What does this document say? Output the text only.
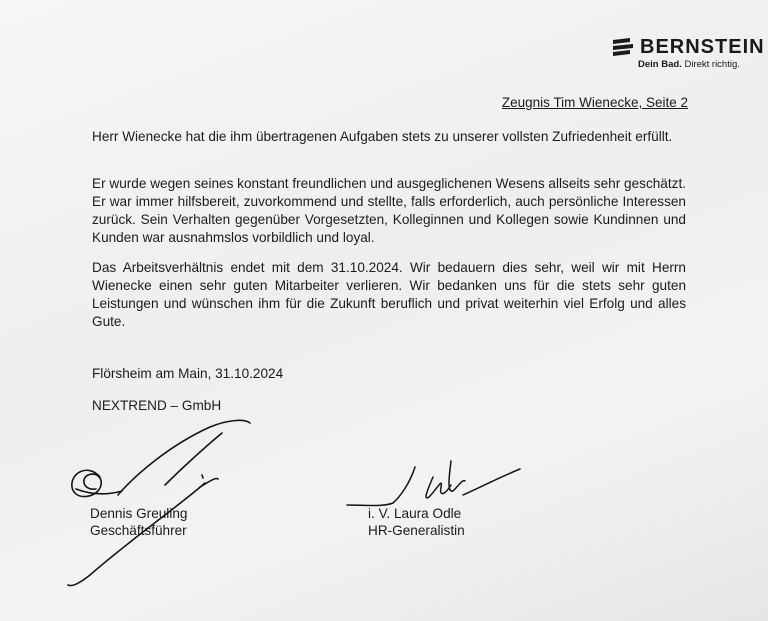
BERNSTEIN
Dein Bad. Direkt richtig.
Zeugnis Tim Wienecke, Seite 2

Herr Wienecke hat die ihm übertragenen Aufgaben stets zu unserer vollsten Zufriedenheit erfüllt.

Er wurde wegen seines konstant freundlichen und ausgeglichenen Wesens allseits sehr geschätzt. Er war immer hilfsbereit, zuvorkommend und stellte, falls erforderlich, auch persönliche Interessen zurück. Sein Verhalten gegenüber Vorgesetzten, Kolleginnen und Kollegen sowie Kundinnen und Kunden war ausnahmslos vorbildlich und loyal.

Das Arbeitsverhältnis endet mit dem 31.10.2024. Wir bedauern dies sehr, weil wir mit Herrn Wienecke einen sehr guten Mitarbeiter verlieren. Wir bedanken uns für die stets sehr guten Leistungen und wünschen ihm für die Zukunft beruflich und privat weiterhin viel Erfolg und alles Gute.

Flörsheim am Main, 31.10.2024
NEXTREND – GmbH
Dennis Greuling
Geschäftsführer
i. V. Laura Odle
HR-Generalistin
